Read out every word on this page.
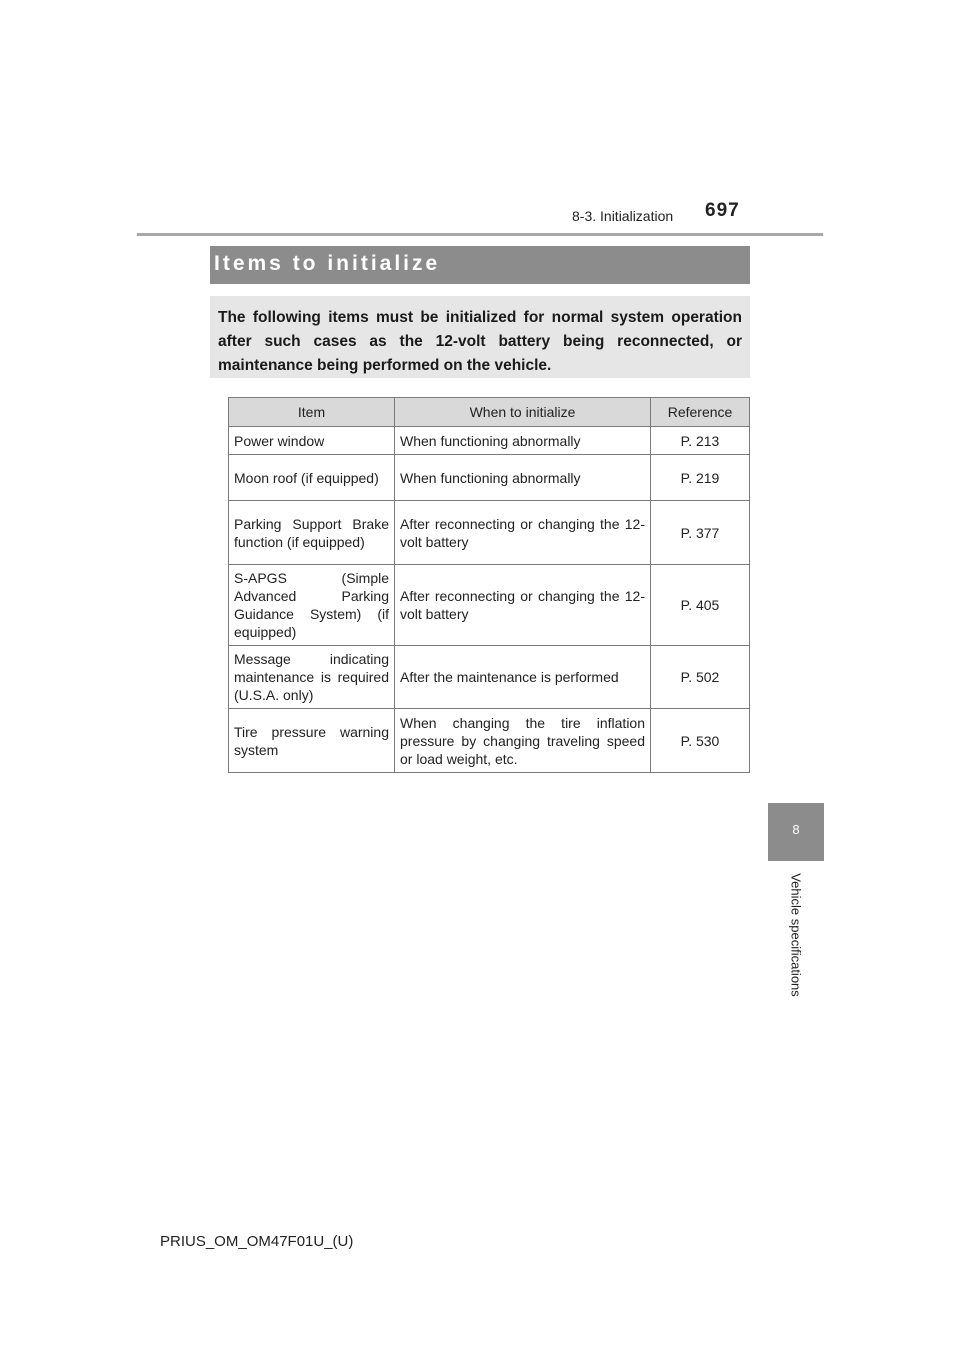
8-3. Initialization 697
Items to initialize
The following items must be initialized for normal system operation after such cases as the 12-volt battery being reconnected, or maintenance being performed on the vehicle.
Item	When to initialize	Reference
Power window	When functioning abnormally	P. 213
Moon roof (if equipped)	When functioning abnormally	P. 219
Parking Support Brake function (if equipped)	After reconnecting or changing the 12-volt battery	P. 377
S-APGS (Simple Advanced Parking Guidance System) (if equipped)	After reconnecting or changing the 12-volt battery	P. 405
Message indicating maintenance is required (U.S.A. only)	After the maintenance is performed	P. 502
Tire pressure warning system	When changing the tire inflation pressure by changing traveling speed or load weight, etc.	P. 530
8
Vehicle specifications
PRIUS_OM_OM47F01U_(U)
